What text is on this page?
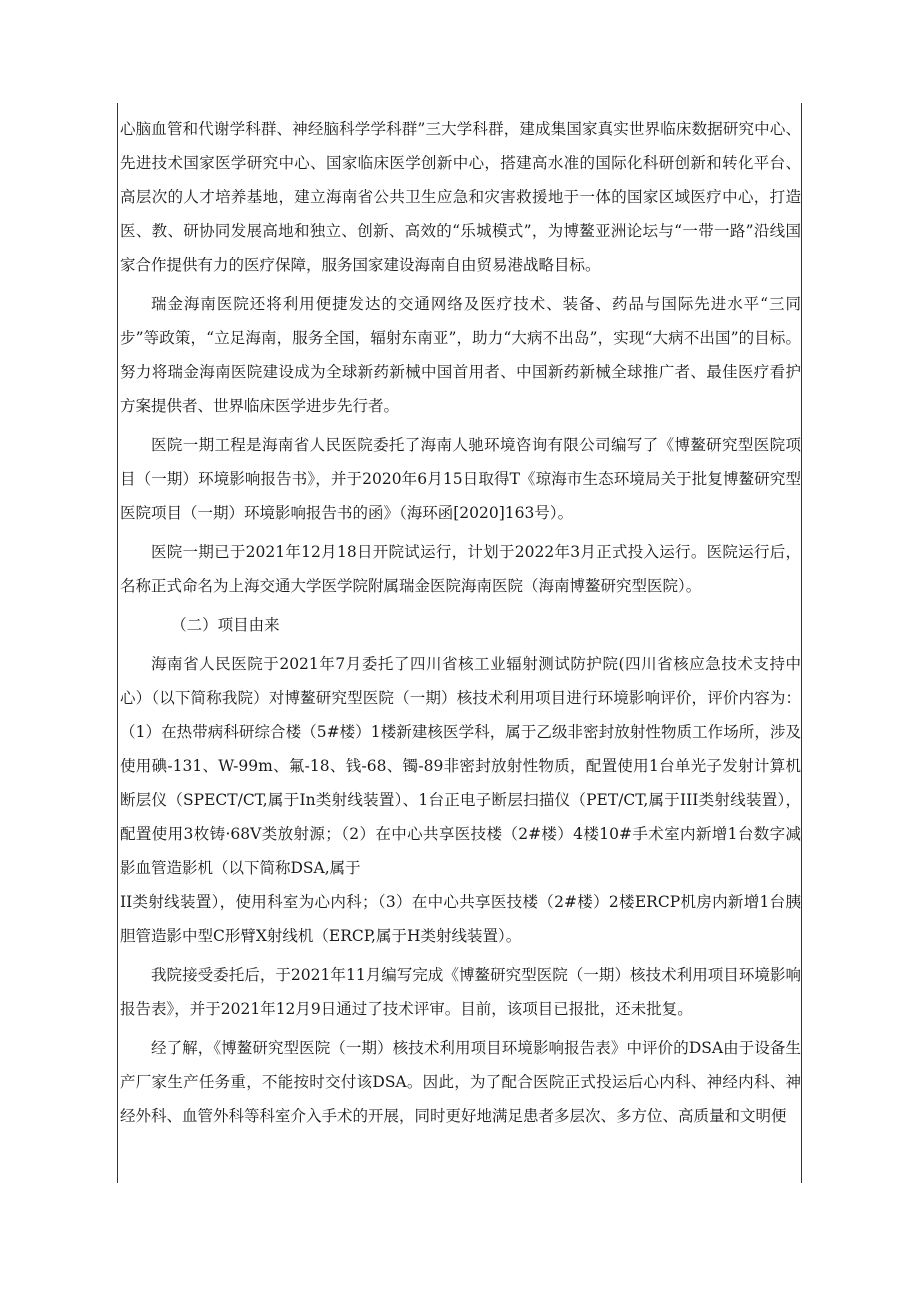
心脑血管和代谢学科群、神经脑科学学科群”三大学科群，建成集国家真实世界临床数据研究中心、先进技术国家医学研究中心、国家临床医学创新中心，搭建高水准的国际化科研创新和转化平台、高层次的人才培养基地，建立海南省公共卫生应急和灾害救援地于一体的国家区域医疗中心，打造医、教、研协同发展高地和独立、创新、高效的“乐城模式”，为博鳌亚洲论坛与“一带一路”沿线国家合作提供有力的医疗保障，服务国家建设海南自由贸易港战略目标。

瑞金海南医院还将利用便捷发达的交通网络及医疗技术、装备、药品与国际先进水平“三同步”等政策，“立足海南，服务全国，辐射东南亚”，助力“大病不出岛”，实现“大病不出国”的目标。努力将瑞金海南医院建设成为全球新药新械中国首用者、中国新药新械全球推广者、最佳医疗看护方案提供者、世界临床医学进步先行者。

医院一期工程是海南省人民医院委托了海南人驰环境咨询有限公司编写了《博鳌研究型医院项目（一期）环境影响报告书》，并于2020年6月15日取得T《琼海市生态环境局关于批复博鳌研究型医院项目（一期）环境影响报告书的函》（海环函[2020]163号）。

医院一期已于2021年12月18日开院试运行，计划于2022年3月正式投入运行。医院运行后，名称正式命名为上海交通大学医学院附属瑞金医院海南医院（海南博鳌研究型医院）。

（二）项目由来

海南省人民医院于2021年7月委托了四川省核工业辐射测试防护院(四川省核应急技术支持中心）（以下简称我院）对博鳌研究型医院（一期）核技术利用项目进行环境影响评价，评价内容为：（1）在热带病科研综合楼（5#楼）1楼新建核医学科，属于乙级非密封放射性物质工作场所，涉及使用碘-131、W-99m、氟-18、钱-68、镯-89非密封放射性物质，配置使用1台单光子发射计算机断层仪（SPECT/CT,属于In类射线装置）、1台正电子断层扫描仪（PET/CT,属于III类射线装置），配置使用3枚铸·68V类放射源；（2）在中心共享医技楼（2#楼）4楼10#手术室内新增1台数字减影血管造影机（以下简称DSA,属于

II类射线装置），使用科室为心内科；（3）在中心共享医技楼（2#楼）2楼ERCP机房内新增1台胰胆管造影中型C形臂X射线机（ERCP,属于H类射线装置）。

我院接受委托后，于2021年11月编写完成《博鳌研究型医院（一期）核技术利用项目环境影响报告表》，并于2021年12月9日通过了技术评审。目前，该项目已报批，还未批复。

经了解，《博鳌研究型医院（一期）核技术利用项目环境影响报告表》中评价的DSA由于设备生产厂家生产任务重，不能按时交付该DSA。因此，为了配合医院正式投运后心内科、神经内科、神经外科、血管外科等科室介入手术的开展，同时更好地满足患者多层次、多方位、高质量和文明便
